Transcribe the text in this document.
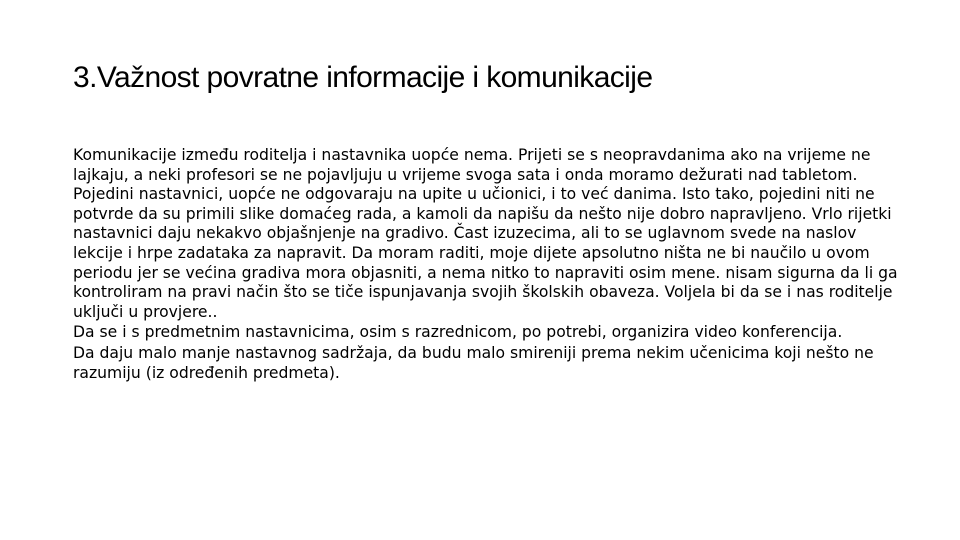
3.Važnost povratne informacije i komunikacije

Komunikacije između roditelja i nastavnika uopće nema. Prijeti se s neopravdanima ako na vrijeme ne lajkaju, a neki profesori se ne pojavljuju u vrijeme svoga sata i onda moramo dežurati nad tabletom. Pojedini nastavnici, uopće ne odgovaraju na upite u učionici, i to već danima. Isto tako, pojedini niti ne potvrde da su primili slike domaćeg rada, a kamoli da napišu da nešto nije dobro napravljeno. Vrlo rijetki nastavnici daju nekakvo objašnjenje na gradivo. Čast izuzecima, ali to se uglavnom svede na naslov lekcije i hrpe zadataka za napravit. Da moram raditi, moje dijete apsolutno ništa ne bi naučilo u ovom periodu jer se većina gradiva mora objasniti, a nema nitko to napraviti osim mene. nisam sigurna da li ga kontroliram na pravi način što se tiče ispunjavanja svojih školskih obaveza. Voljela bi da se i nas roditelje uključi u provjere..

Da se i s predmetnim nastavnicima, osim s razrednicom, po potrebi, organizira video konferencija.

Da daju malo manje nastavnog sadržaja, da budu malo smireniji prema nekim učenicima koji nešto ne razumiju (iz određenih predmeta).
